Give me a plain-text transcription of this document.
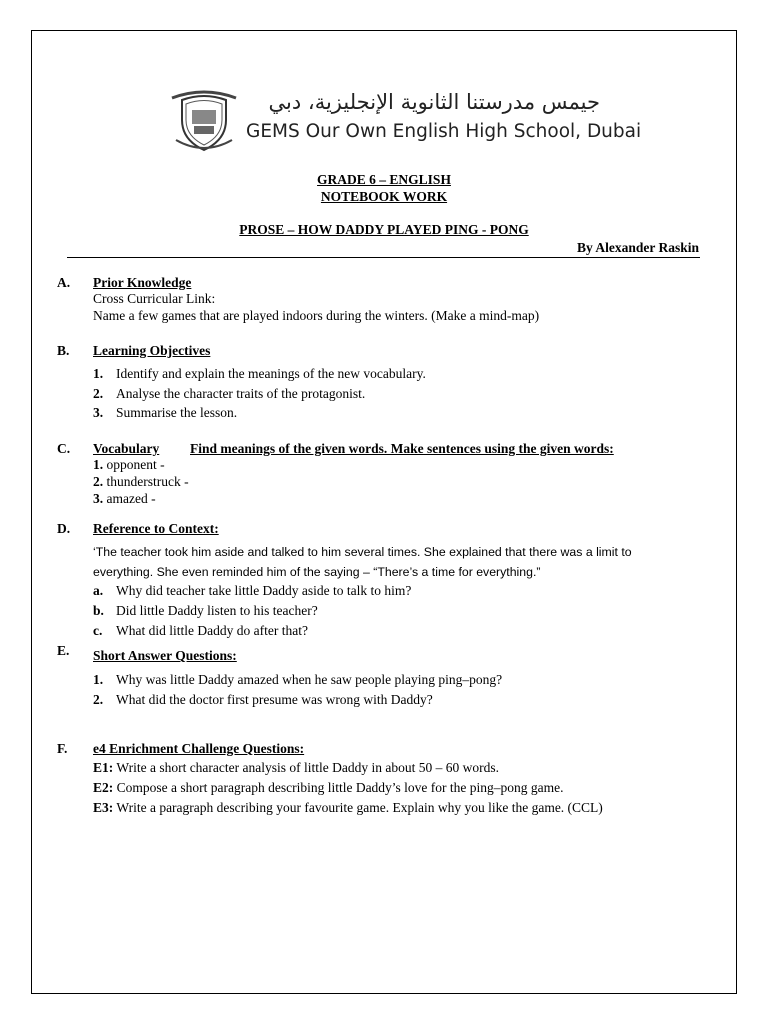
جيمس مدرستنا الثانوية الإنجليزية، دبي
GEMS Our Own English High School, Dubai
GRADE 6 – ENGLISH
NOTEBOOK WORK
PROSE – HOW DADDY PLAYED PING - PONG
By Alexander Raskin
A. Prior Knowledge
Cross Curricular Link:
Name a few games that are played indoors during the winters. (Make a mind-map)
B. Learning Objectives
1. Identify and explain the meanings of the new vocabulary.
2. Analyse the character traits of the protagonist.
3. Summarise the lesson.
C. Vocabulary	Find meanings of the given words. Make sentences using the given words:
1. opponent -
2. thunderstruck -
3. amazed -
D. Reference to Context:
‘The teacher took him aside and talked to him several times. She explained that there was a limit to
everything. She even reminded him of the saying – “There’s a time for everything.”
a. Why did teacher take little Daddy aside to talk to him?
b. Did little Daddy listen to his teacher?
c. What did little Daddy do after that?
E. Short Answer Questions:
1. Why was little Daddy amazed when he saw people playing ping–pong?
2. What did the doctor first presume was wrong with Daddy?
F. e4 Enrichment Challenge Questions:
E1: Write a short character analysis of little Daddy in about 50 – 60 words.
E2: Compose a short paragraph describing little Daddy’s love for the ping–pong game.
E3: Write a paragraph describing your favourite game. Explain why you like the game. (CCL)
